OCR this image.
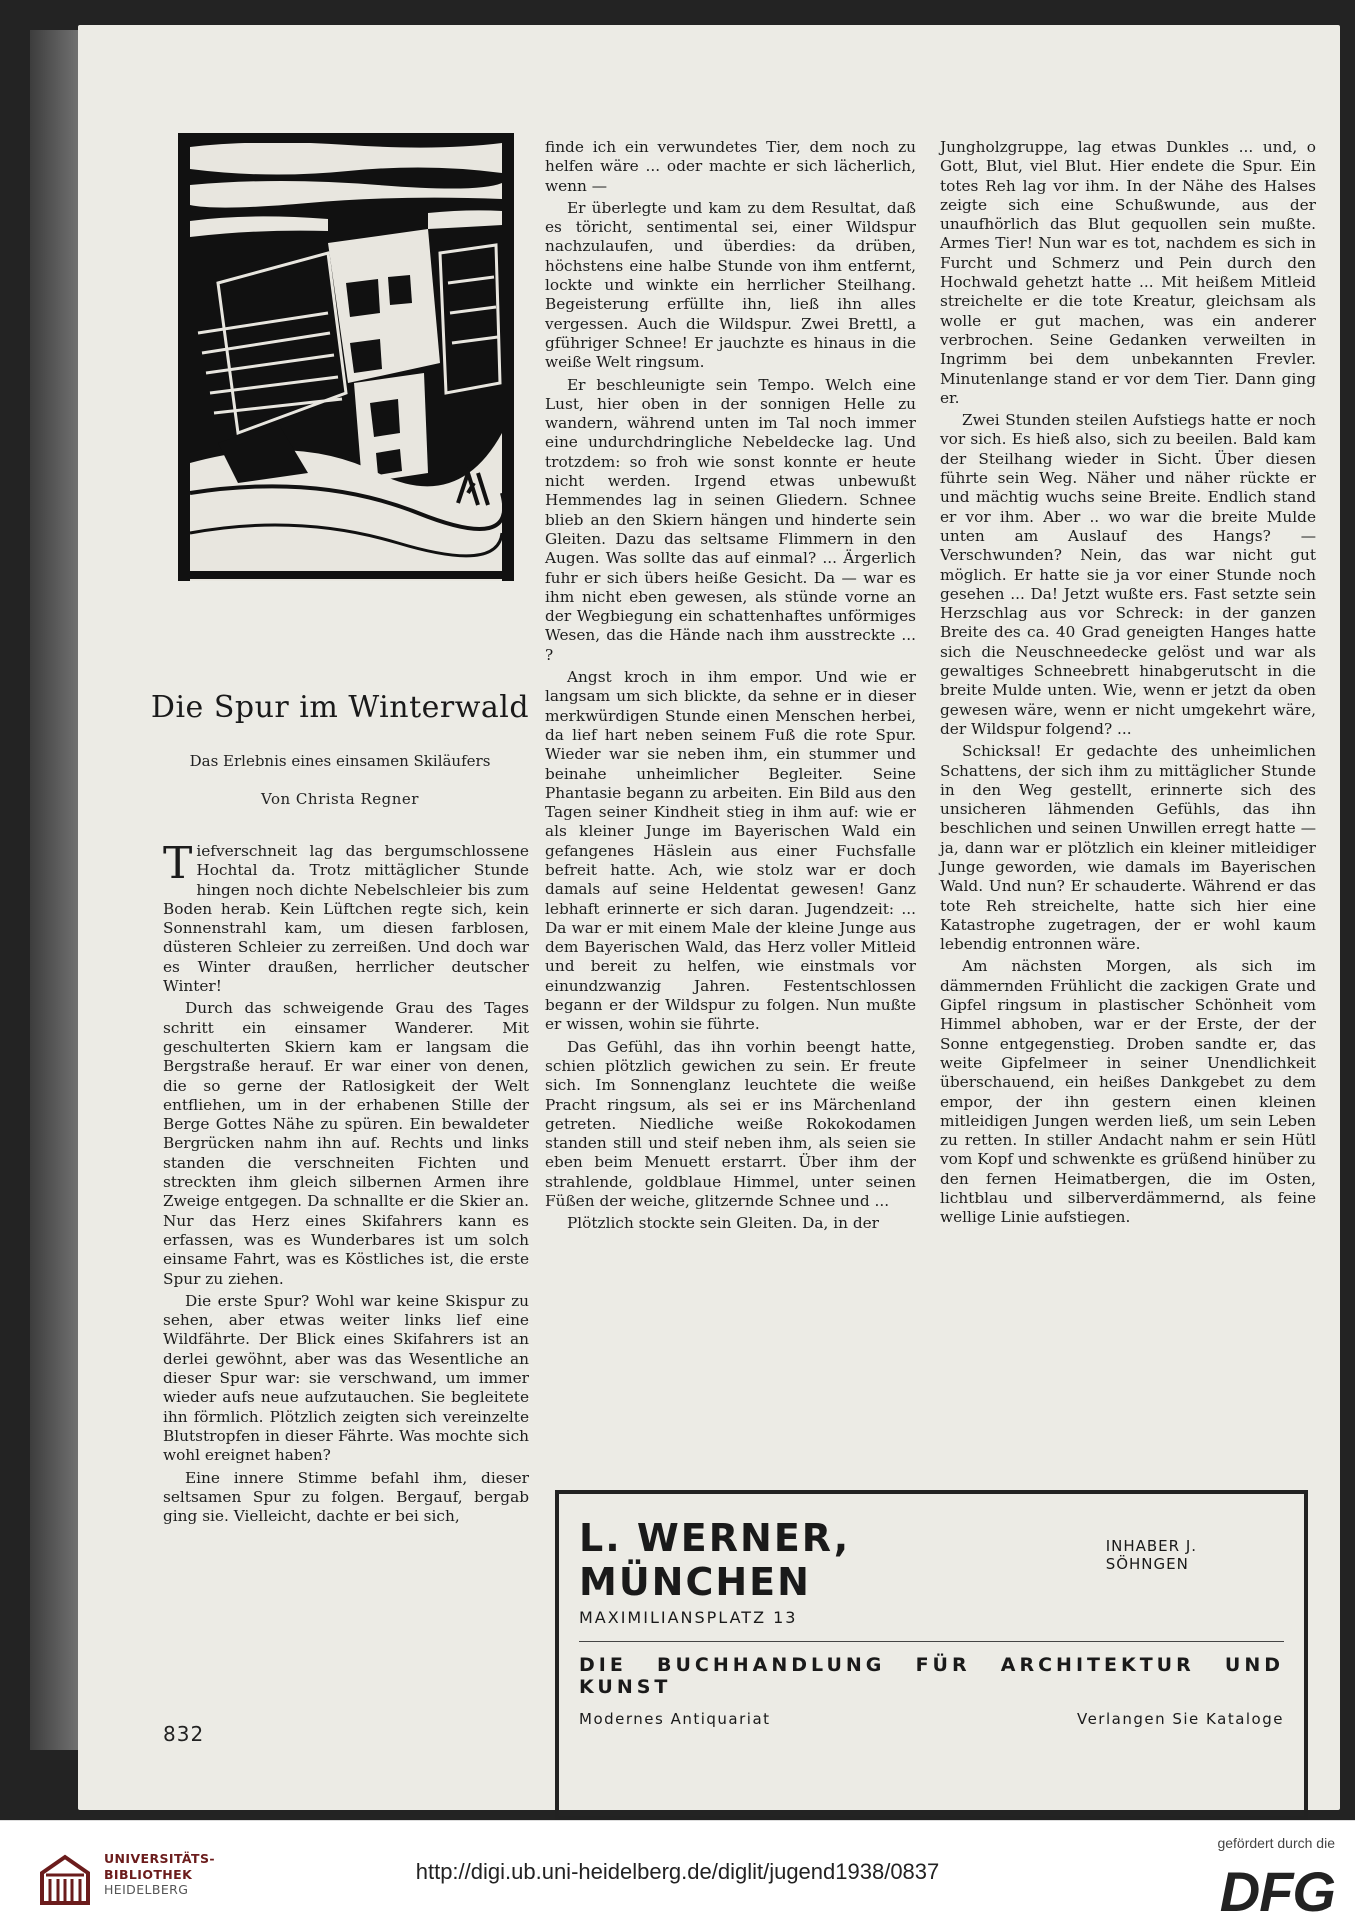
Die Spur im Winterwald
Das Erlebnis eines einsamen Skiläufers
Von Christa Regner

Tiefverschneit lag das bergumschlossene Hochtal da. Trotz mittäglicher Stunde hingen noch dichte Nebelschleier bis zum Boden herab. Kein Lüftchen regte sich, kein Sonnenstrahl kam, um diesen farblosen, düsteren Schleier zu zerreißen. Und doch war es Winter draußen, herrlicher deutscher Winter!

Durch das schweigende Grau des Tages schritt ein einsamer Wanderer. Mit geschulterten Skiern kam er langsam die Bergstraße herauf. Er war einer von denen, die so gerne der Ratlosigkeit der Welt entfliehen, um in der erhabenen Stille der Berge Gottes Nähe zu spüren. Ein bewaldeter Bergrücken nahm ihn auf. Rechts und links standen die verschneiten Fichten und streckten ihm gleich silbernen Armen ihre Zweige entgegen. Da schnallte er die Skier an. Nur das Herz eines Skifahrers kann es erfassen, was es Wunderbares ist um solch einsame Fahrt, was es Köstliches ist, die erste Spur zu ziehen.

Die erste Spur? Wohl war keine Skispur zu sehen, aber etwas weiter links lief eine Wildfährte. Der Blick eines Skifahrers ist an derlei gewöhnt, aber was das Wesentliche an dieser Spur war: sie verschwand, um immer wieder aufs neue aufzutauchen. Sie begleitete ihn förmlich. Plötzlich zeigten sich vereinzelte Blutstropfen in dieser Fährte. Was mochte sich wohl ereignet haben?

Eine innere Stimme befahl ihm, dieser seltsamen Spur zu folgen. Bergauf, bergab ging sie. Vielleicht, dachte er bei sich,

finde ich ein verwundetes Tier, dem noch zu helfen wäre ... oder machte er sich lächerlich, wenn —

Er überlegte und kam zu dem Resultat, daß es töricht, sentimental sei, einer Wildspur nachzulaufen, und überdies: da drüben, höchstens eine halbe Stunde von ihm entfernt, lockte und winkte ein herrlicher Steilhang. Begeisterung erfüllte ihn, ließ ihn alles vergessen. Auch die Wildspur. Zwei Brettl, a gführiger Schnee! Er jauchzte es hinaus in die weiße Welt ringsum.

Er beschleunigte sein Tempo. Welch eine Lust, hier oben in der sonnigen Helle zu wandern, während unten im Tal noch immer eine undurchdringliche Nebeldecke lag. Und trotzdem: so froh wie sonst konnte er heute nicht werden. Irgend etwas unbewußt Hemmendes lag in seinen Gliedern. Schnee blieb an den Skiern hängen und hinderte sein Gleiten. Dazu das seltsame Flimmern in den Augen. Was sollte das auf einmal? ... Ärgerlich fuhr er sich übers heiße Gesicht. Da — war es ihm nicht eben gewesen, als stünde vorne an der Wegbiegung ein schattenhaftes unförmiges Wesen, das die Hände nach ihm ausstreckte ... ?

Angst kroch in ihm empor. Und wie er langsam um sich blickte, da sehne er in dieser merkwürdigen Stunde einen Menschen herbei, da lief hart neben seinem Fuß die rote Spur. Wieder war sie neben ihm, ein stummer und beinahe unheimlicher Begleiter. Seine Phantasie begann zu arbeiten. Ein Bild aus den Tagen seiner Kindheit stieg in ihm auf: wie er als kleiner Junge im Bayerischen Wald ein gefangenes Häslein aus einer Fuchsfalle befreit hatte. Ach, wie stolz war er doch damals auf seine Heldentat gewesen! Ganz lebhaft erinnerte er sich daran. Jugendzeit: ... Da war er mit einem Male der kleine Junge aus dem Bayerischen Wald, das Herz voller Mitleid und bereit zu helfen, wie einstmals vor einundzwanzig Jahren. Festentschlossen begann er der Wildspur zu folgen. Nun mußte er wissen, wohin sie führte.

Das Gefühl, das ihn vorhin beengt hatte, schien plötzlich gewichen zu sein. Er freute sich. Im Sonnenglanz leuchtete die weiße Pracht ringsum, als sei er ins Märchenland getreten. Niedliche weiße Rokokodamen standen still und steif neben ihm, als seien sie eben beim Menuett erstarrt. Über ihm der strahlende, goldblaue Himmel, unter seinen Füßen der weiche, glitzernde Schnee und ...

Plötzlich stockte sein Gleiten. Da, in der

Jungholzgruppe, lag etwas Dunkles ... und, o Gott, Blut, viel Blut. Hier endete die Spur. Ein totes Reh lag vor ihm. In der Nähe des Halses zeigte sich eine Schußwunde, aus der unaufhörlich das Blut gequollen sein mußte. Armes Tier! Nun war es tot, nachdem es sich in Furcht und Schmerz und Pein durch den Hochwald gehetzt hatte ... Mit heißem Mitleid streichelte er die tote Kreatur, gleichsam als wolle er gut machen, was ein anderer verbrochen. Seine Gedanken verweilten in Ingrimm bei dem unbekannten Frevler. Minutenlange stand er vor dem Tier. Dann ging er.

Zwei Stunden steilen Aufstiegs hatte er noch vor sich. Es hieß also, sich zu beeilen. Bald kam der Steilhang wieder in Sicht. Über diesen führte sein Weg. Näher und näher rückte er und mächtig wuchs seine Breite. Endlich stand er vor ihm. Aber .. wo war die breite Mulde unten am Auslauf des Hangs? — Verschwunden? Nein, das war nicht gut möglich. Er hatte sie ja vor einer Stunde noch gesehen ... Da! Jetzt wußte ers. Fast setzte sein Herzschlag aus vor Schreck: in der ganzen Breite des ca. 40 Grad geneigten Hanges hatte sich die Neuschneedecke gelöst und war als gewaltiges Schneebrett hinabgerutscht in die breite Mulde unten. Wie, wenn er jetzt da oben gewesen wäre, wenn er nicht umgekehrt wäre, der Wildspur folgend? ...

Schicksal! Er gedachte des unheimlichen Schattens, der sich ihm zu mittäglicher Stunde in den Weg gestellt, erinnerte sich des unsicheren lähmenden Gefühls, das ihn beschlichen und seinen Unwillen erregt hatte — ja, dann war er plötzlich ein kleiner mitleidiger Junge geworden, wie damals im Bayerischen Wald. Und nun? Er schauderte. Während er das tote Reh streichelte, hatte sich hier eine Katastrophe zugetragen, der er wohl kaum lebendig entronnen wäre.

Am nächsten Morgen, als sich im dämmernden Frühlicht die zackigen Grate und Gipfel ringsum in plastischer Schönheit vom Himmel abhoben, war er der Erste, der der Sonne entgegenstieg. Droben sandte er, das weite Gipfelmeer in seiner Unendlichkeit überschauend, ein heißes Dankgebet zu dem empor, der ihn gestern einen kleinen mitleidigen Jungen werden ließ, um sein Leben zu retten. In stiller Andacht nahm er sein Hütl vom Kopf und schwenkte es grüßend hinüber zu den fernen Heimatbergen, die im Osten, lichtblau und silberverdämmernd, als feine wellige Linie aufstiegen.

L. WERNER, MÜNCHEN
INHABER J. SÖHNGEN
MAXIMILIANSPLATZ 13
DIE BUCHHANDLUNG FÜR ARCHITEKTUR UND KUNST
Modernes Antiquariat	Verlangen Sie Kataloge
832
UNIVERSITÄTS-
BIBLIOTHEK
HEIDELBERG
http://digi.ub.uni-heidelberg.de/diglit/jugend1938/0837
gefördert durch die
DFG
